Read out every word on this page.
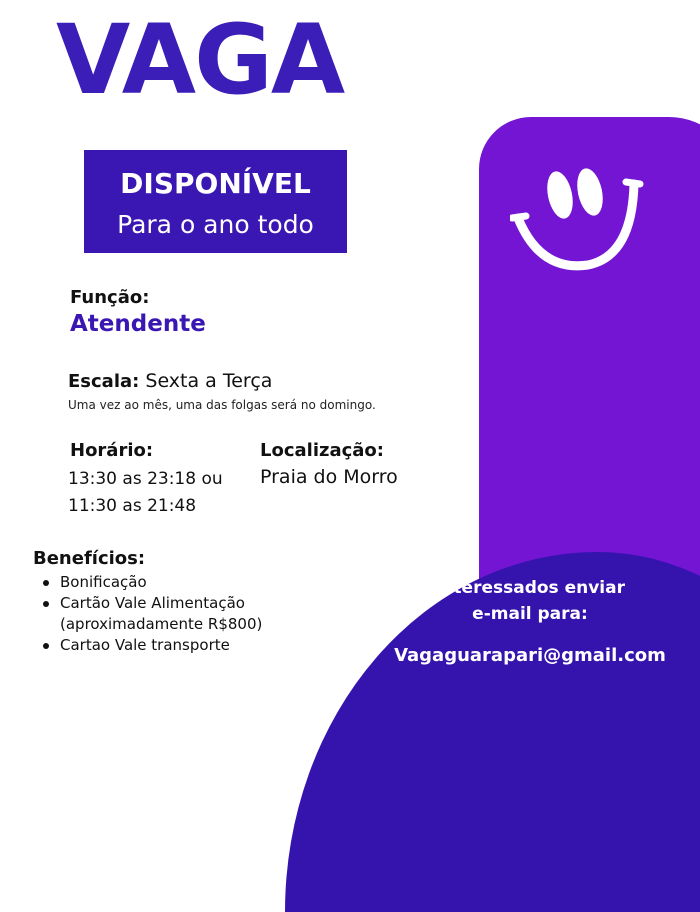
VAGA
DISPONÍVEL
Para o ano todo
Função:
Atendente
Escala: Sexta a Terça
Uma vez ao mês, uma das folgas será no domingo.
Horário:
13:30 as 23:18 ou
11:30 as 21:48
Localização:
Praia do Morro
Benefícios:
Bonificação
Cartão Vale Alimentação
(aproximadamente R$800)
Cartao Vale transporte
Interessados enviar
e-mail para:
Vagaguarapari@gmail.com
